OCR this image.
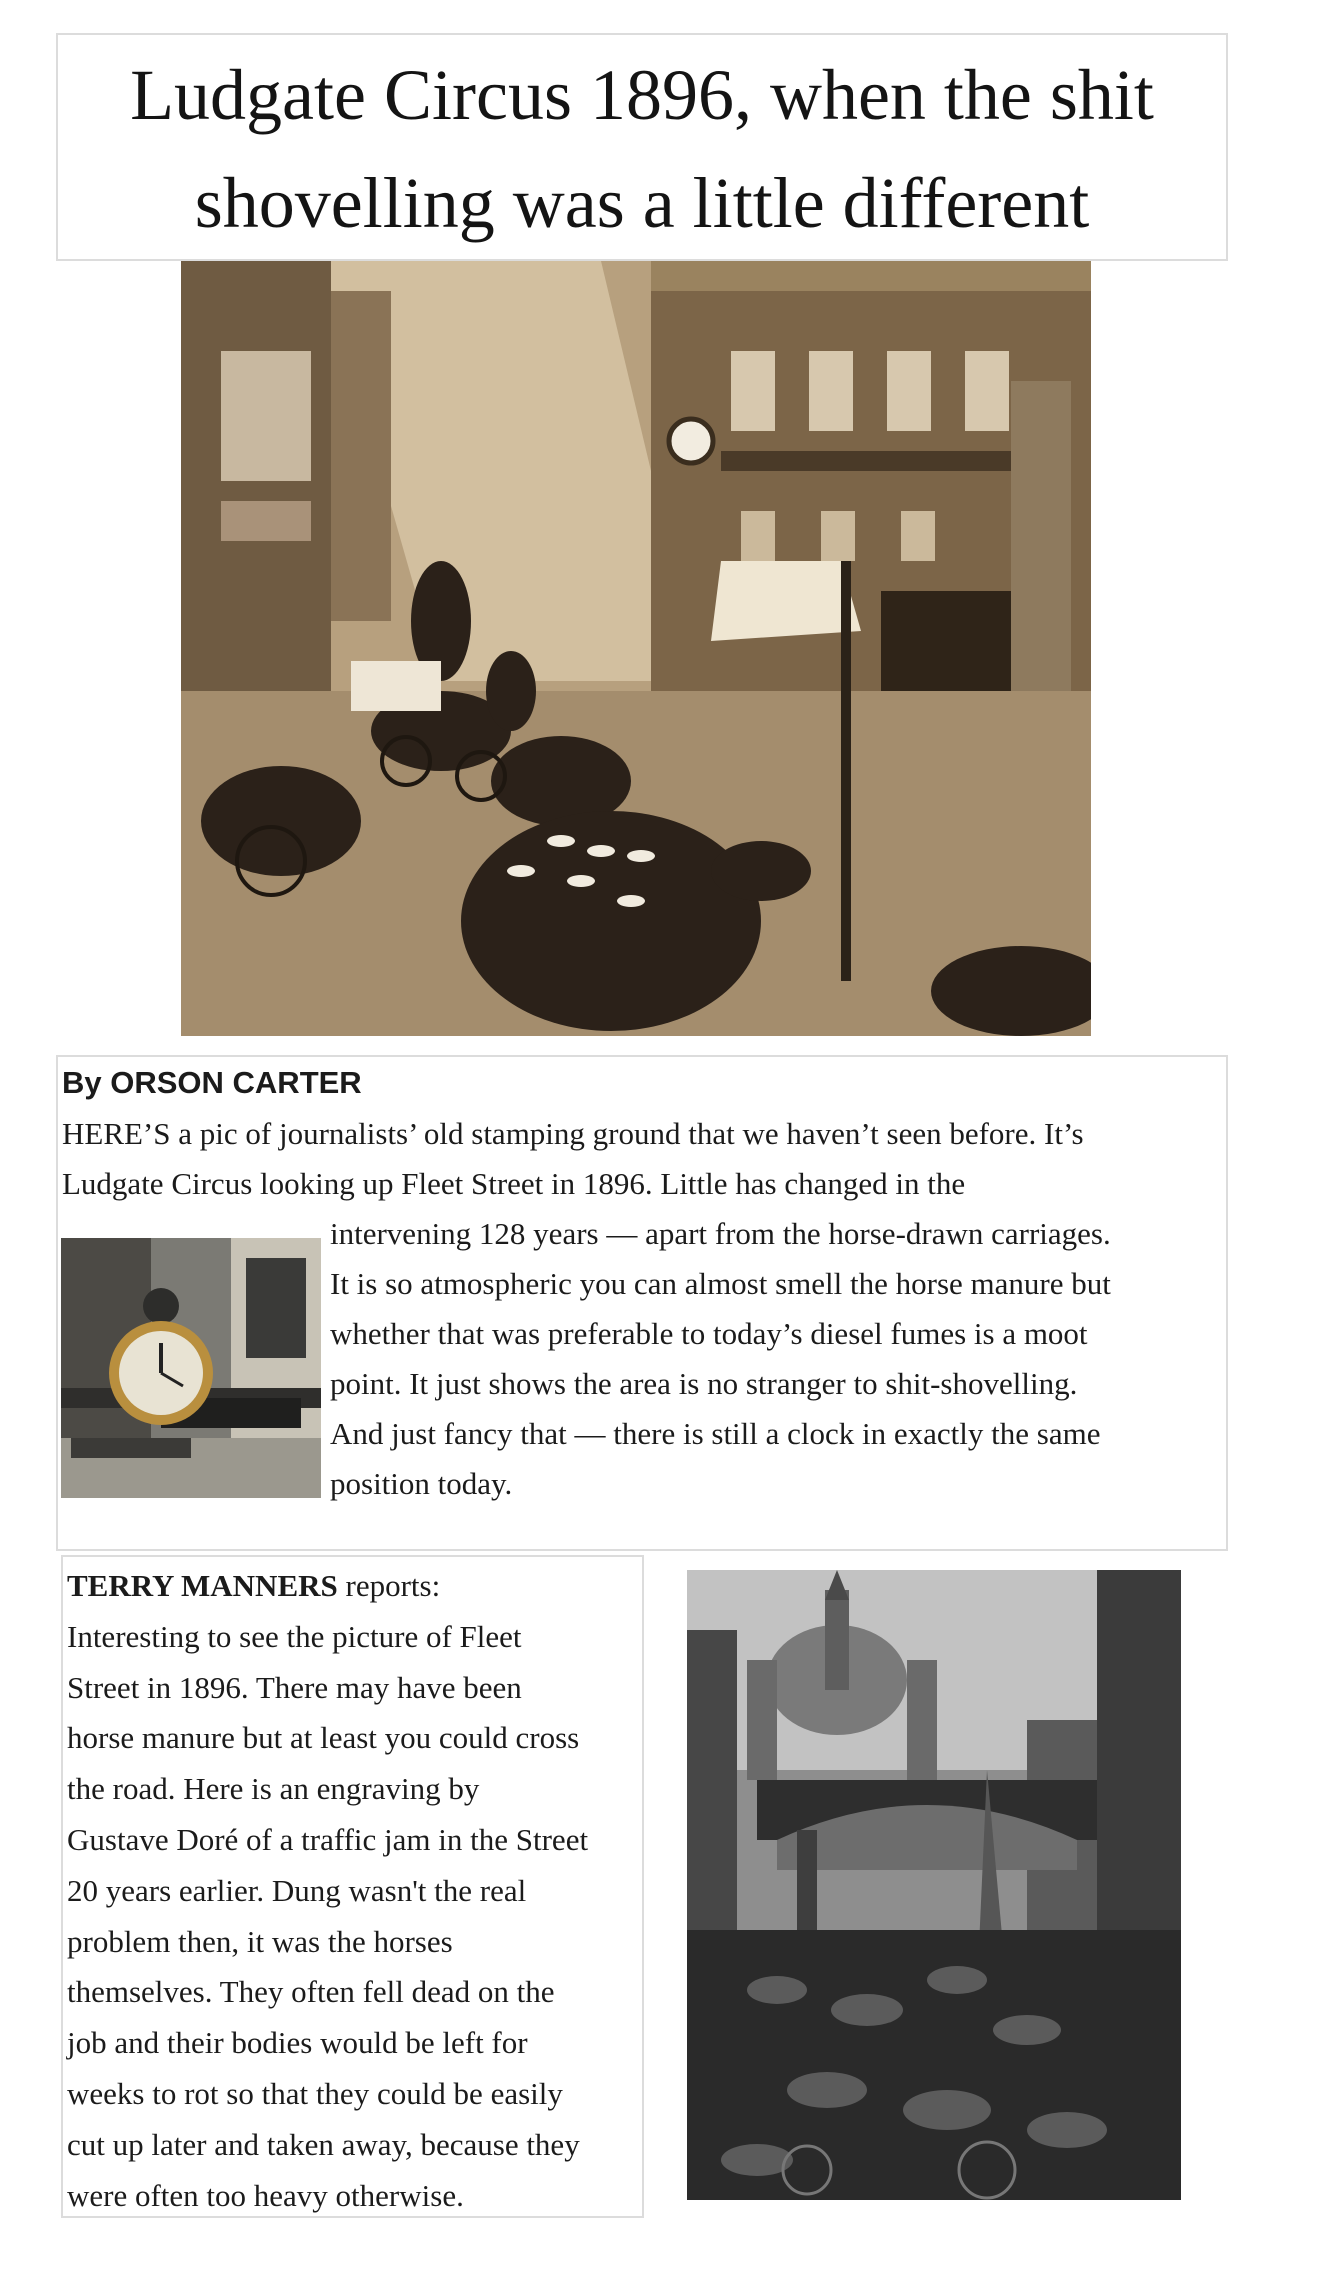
Ludgate Circus 1896, when the shit shovelling was a little different

By ORSON CARTER

HERE’S a pic of journalists’ old stamping ground that we haven’t seen before. It’s
Ludgate Circus looking up Fleet Street in 1896. Little has changed in the
intervening 128 years — apart from the horse-drawn carriages.
It is so atmospheric you can almost smell the horse manure but
whether that was preferable to today’s diesel fumes is a moot
point. It just shows the area is no stranger to shit-shovelling.
And just fancy that — there is still a clock in exactly the same
position today.
TERRY MANNERS reports:
Interesting to see the picture of Fleet
Street in 1896. There may have been
horse manure but at least you could cross
the road. Here is an engraving by
Gustave Doré of a traffic jam in the Street
20 years earlier. Dung wasn't the real
problem then, it was the horses
themselves. They often fell dead on the
job and their bodies would be left for
weeks to rot so that they could be easily
cut up later and taken away, because they
were often too heavy otherwise.
